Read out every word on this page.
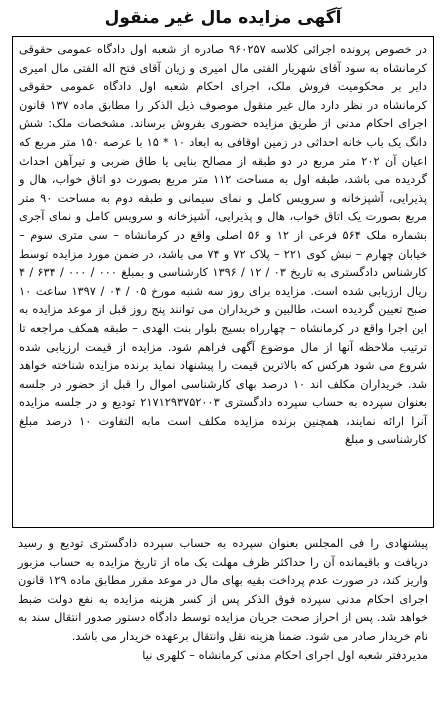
آگهی مزایده مال غیر منقول

در خصوص پرونده اجرائی کلاسه ۹۶۰۲۵۷ صادره از شعبه اول دادگاه عمومی حقوقی کرمانشاه به سود آقای شهریار الفتی مال امیری و زیان آقای فتح اله الفتی مال امیری دایر بر محکومیت فروش ملک، اجرای احکام شعبه اول دادگاه عمومی حقوقی کرمانشاه در نظر دارد مال غیر منقول موصوف ذیل الذکر را مطابق ماده ۱۳۷ قانون اجرای احکام مدنی از طریق مزایده حضوری بفروش برساند. مشخصات ملک: شش دانگ یک باب خانه احداثی در زمین اوقافی به ابعاد ۱۰ * ۱۵ با عرصه ۱۵۰ متر مربع که اعیان آن ۲۰۲ متر مربع در دو طبقه از مصالح بنایی یا طاق ضربی و تیرآهن احداث گردیده می باشد، طبقه اول به مساحت ۱۱۲ متر مربع بصورت دو اتاق خواب، هال و پذیرایی، آشپزخانه و سرویس کامل و نمای سیمانی و طبقه دوم به مساحت ۹۰ متر مربع بصورت یک اتاق خواب، هال و پذیرایی، آشپزخانه و سرویس کامل و نمای آجری بشماره ملک ۵۶۴ فرعی از ۱۲ و ۵۶ اصلی واقع در کرمانشاه – سی متری سوم – خیابان چهارم – نبش کوی ۲۲۱ – پلاک ۷۲ و ۷۴ می باشد، در ضمن مورد مزایده توسط کارشناس دادگستری به تاریخ ۰۳ / ۱۲ / ۱۳۹۶ کارشناسی و بمبلغ ۰۰۰ / ۰۰۰ / ۶۳۴ / ۴ ریال ارزیابی شده است. مزایده برای روز سه شنبه مورخ ۰۵ / ۰۴ / ۱۳۹۷ ساعت ۱۰ صبح تعیین گردیده است، طالبین و خریداران می توانند پنج روز قبل از موعد مزایده به این اجرا واقع در کرمانشاه – چهارراه بسیج بلوار بنت الهدی – طبقه همکف مراجعه تا ترتیب ملاحظه آنها از مال موضوع آگهی فراهم شود. مزایده از قیمت ارزیابی شده شروع می شود هرکس که بالاترین قیمت را پیشنهاد نماید برنده مزایده شناخته خواهد شد. خریداران مکلف اند ۱۰ درصد بهای کارشناسی اموال را قبل از حضور در جلسه بعنوان سپرده به حساب سپرده دادگستری ۲۱۷۱۲۹۳۷۵۲۰۰۳ تودیع و در جلسه مزایده آنرا ارائه نمایند، همچنین برنده مزایده مکلف است مابه التفاوت ۱۰ درصد مبلغ کارشناسی و مبلغ

پیشنهادی را فی المجلس بعنوان سپرده به حساب سپرده دادگستری تودیع و رسید دریافت و باقیمانده آن را حداکثر ظرف مهلت یک ماه از تاریخ مزایده به حساب مزبور واریز کند، در صورت عدم پرداخت بقیه بهای مال در موعد مقرر مطابق ماده ۱۲۹ قانون اجرای احکام مدنی سپرده فوق الذکر پس از کسر هزینه مزایده به نفع دولت ضبط خواهد شد. پس از احراز صحت جریان مزایده توسط دادگاه دستور صدور انتقال سند به نام خریدار صادر می شود. ضمنا هزینه نقل وانتقال برعهده خریدار می باشد.

مدیردفتر شعبه اول اجرای احکام مدنی کرمانشاه – کلهری نیا
